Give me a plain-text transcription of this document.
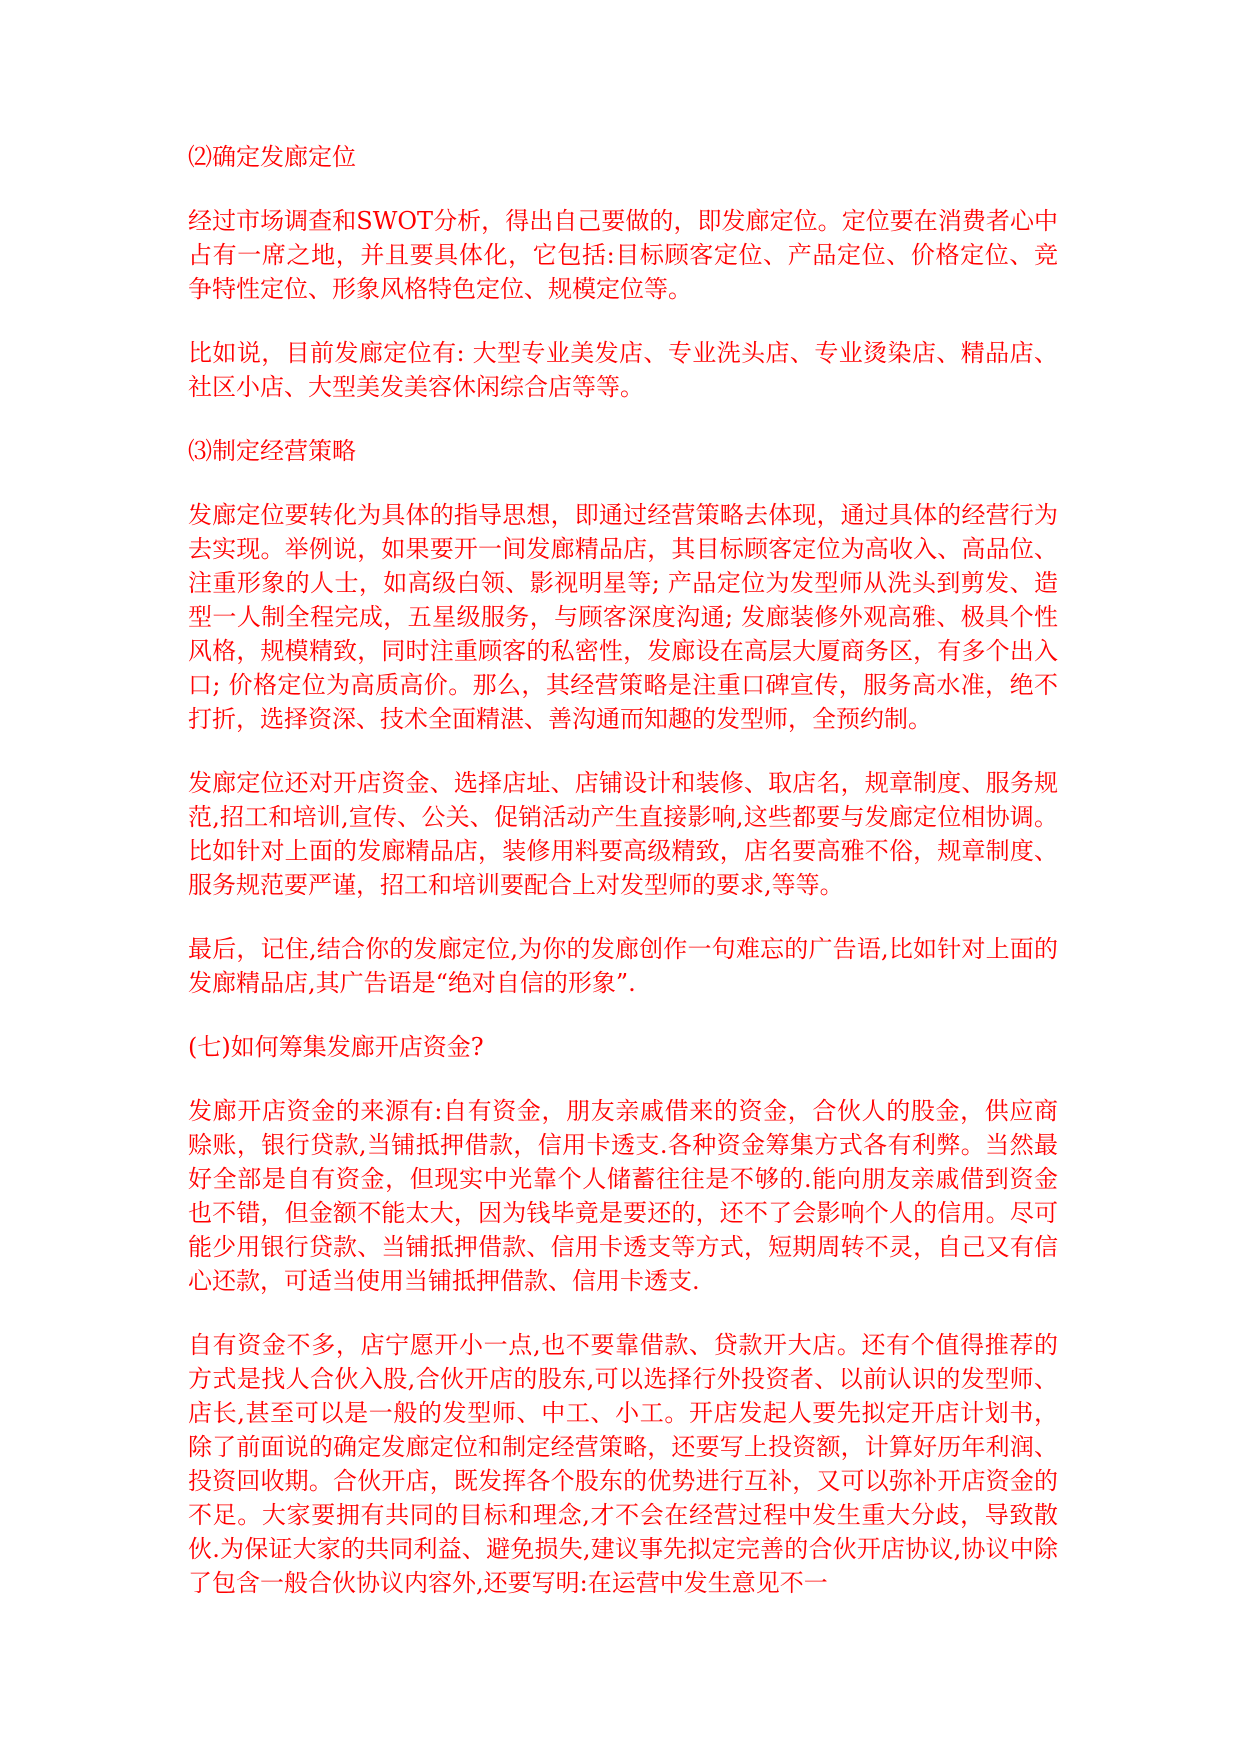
⑵确定发廊定位

经过市场调查和SWOT分析，得出自己要做的，即发廊定位。定位要在消费者心中占有一席之地，并且要具体化，它包括:目标顾客定位、产品定位、价格定位、竞争特性定位、形象风格特色定位、规模定位等。

比如说，目前发廊定位有: 大型专业美发店、专业洗头店、专业烫染店、精品店、社区小店、大型美发美容休闲综合店等等。

⑶制定经营策略

发廊定位要转化为具体的指导思想，即通过经营策略去体现，通过具体的经营行为去实现。举例说，如果要开一间发廊精品店，其目标顾客定位为高收入、高品位、注重形象的人士，如高级白领、影视明星等; 产品定位为发型师从洗头到剪发、造型一人制全程完成，五星级服务，与顾客深度沟通; 发廊装修外观高雅、极具个性风格，规模精致，同时注重顾客的私密性，发廊设在高层大厦商务区，有多个出入口; 价格定位为高质高价。那么，其经营策略是注重口碑宣传，服务高水准，绝不打折，选择资深、技术全面精湛、善沟通而知趣的发型师，全预约制。

发廊定位还对开店资金、选择店址、店铺设计和装修、取店名，规章制度、服务规范,招工和培训,宣传、公关、促销活动产生直接影响,这些都要与发廊定位相协调。比如针对上面的发廊精品店，装修用料要高级精致，店名要高雅不俗，规章制度、服务规范要严谨，招工和培训要配合上对发型师的要求,等等。

最后，记住,结合你的发廊定位,为你的发廊创作一句难忘的广告语,比如针对上面的发廊精品店,其广告语是“绝对自信的形象”.

(七)如何筹集发廊开店资金?

发廊开店资金的来源有:自有资金，朋友亲戚借来的资金，合伙人的股金，供应商赊账，银行贷款,当铺抵押借款，信用卡透支.各种资金筹集方式各有利弊。当然最好全部是自有资金，但现实中光靠个人储蓄往往是不够的.能向朋友亲戚借到资金也不错，但金额不能太大，因为钱毕竟是要还的，还不了会影响个人的信用。尽可能少用银行贷款、当铺抵押借款、信用卡透支等方式，短期周转不灵，自己又有信心还款，可适当使用当铺抵押借款、信用卡透支.

自有资金不多，店宁愿开小一点,也不要靠借款、贷款开大店。还有个值得推荐的方式是找人合伙入股,合伙开店的股东,可以选择行外投资者、以前认识的发型师、店长,甚至可以是一般的发型师、中工、小工。开店发起人要先拟定开店计划书，除了前面说的确定发廊定位和制定经营策略，还要写上投资额，计算好历年利润、投资回收期。合伙开店，既发挥各个股东的优势进行互补，又可以弥补开店资金的不足。大家要拥有共同的目标和理念,才不会在经营过程中发生重大分歧，导致散伙.为保证大家的共同利益、避免损失,建议事先拟定完善的合伙开店协议,协议中除了包含一般合伙协议内容外,还要写明:在运营中发生意见不一
